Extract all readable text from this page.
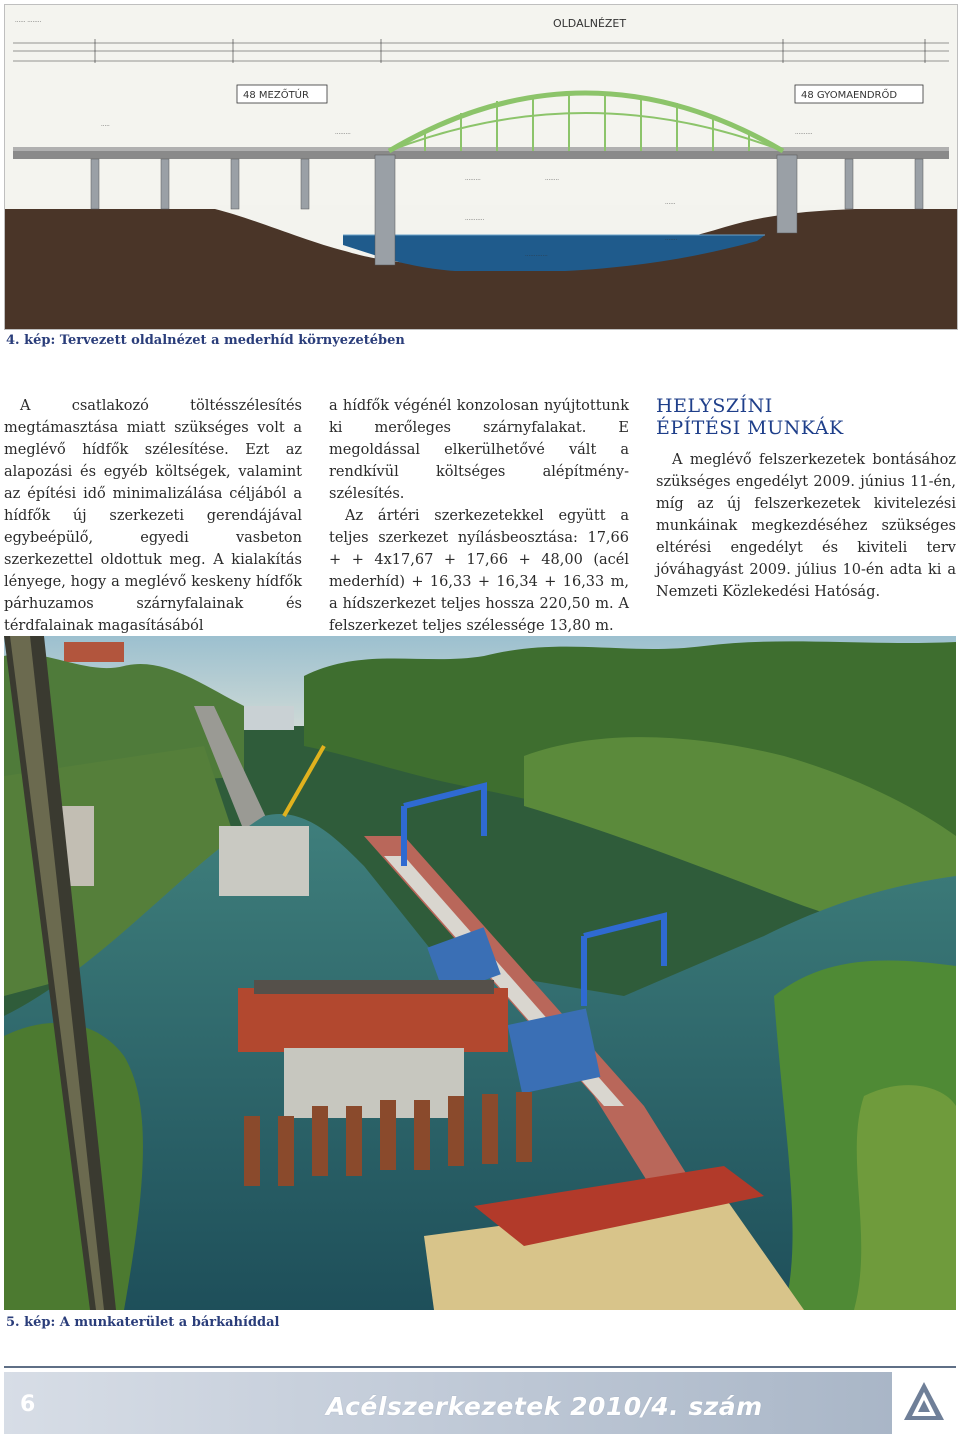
······ ········	OLDALNÉZET
48 MEZŐTÚR	48 GYOMAENDRŐD
·····
·········
·········	········
···········
······
·······
··········
·············
4. kép: Tervezett oldalnézet a mederhíd környezetében

A csatlakozó töltésszélesítés megtámasztása miatt szükséges volt a meglévő hídfők szélesítése. Ezt az alapozási és egyéb költségek, valamint az építési idő minimalizálása céljából a hídfők új szerkezeti gerendájával egybeépülő, egyedi vasbeton szerkezettel oldottuk meg. A kialakítás lényege, hogy a meglévő keskeny hídfők párhuzamos szárnyfalainak és térdfalainak magasításából

a hídfők végénél konzolosan nyújtottunk ki merőleges szárnyfalakat. E megoldással elkerülhetővé vált a rendkívül költséges alépítmény-szélesítés.

Az ártéri szerkezetekkel együtt a teljes szerkezet nyílásbeosztása: 17,66 + + 4x17,67 + 17,66 + 48,00 (acél mederhíd) + 16,33 + 16,34 + 16,33 m, a hídszerkezet teljes hossza 220,50 m. A felszerkezet teljes szélessége 13,80 m.

HELYSZÍNI
ÉPÍTÉSI MUNKÁK

A meglévő felszerkezetek bontásához szükséges engedélyt 2009. június 11-én, míg az új felszerkezetek kivitelezési munkáinak megkezdéséhez szükséges eltérési engedélyt és kiviteli terv jóváhagyást 2009. július 10-én adta ki a Nemzeti Közlekedési Hatóság.

5. kép: A munkaterület a bárkahíddal
6	Acélszerkezetek 2010/4. szám
